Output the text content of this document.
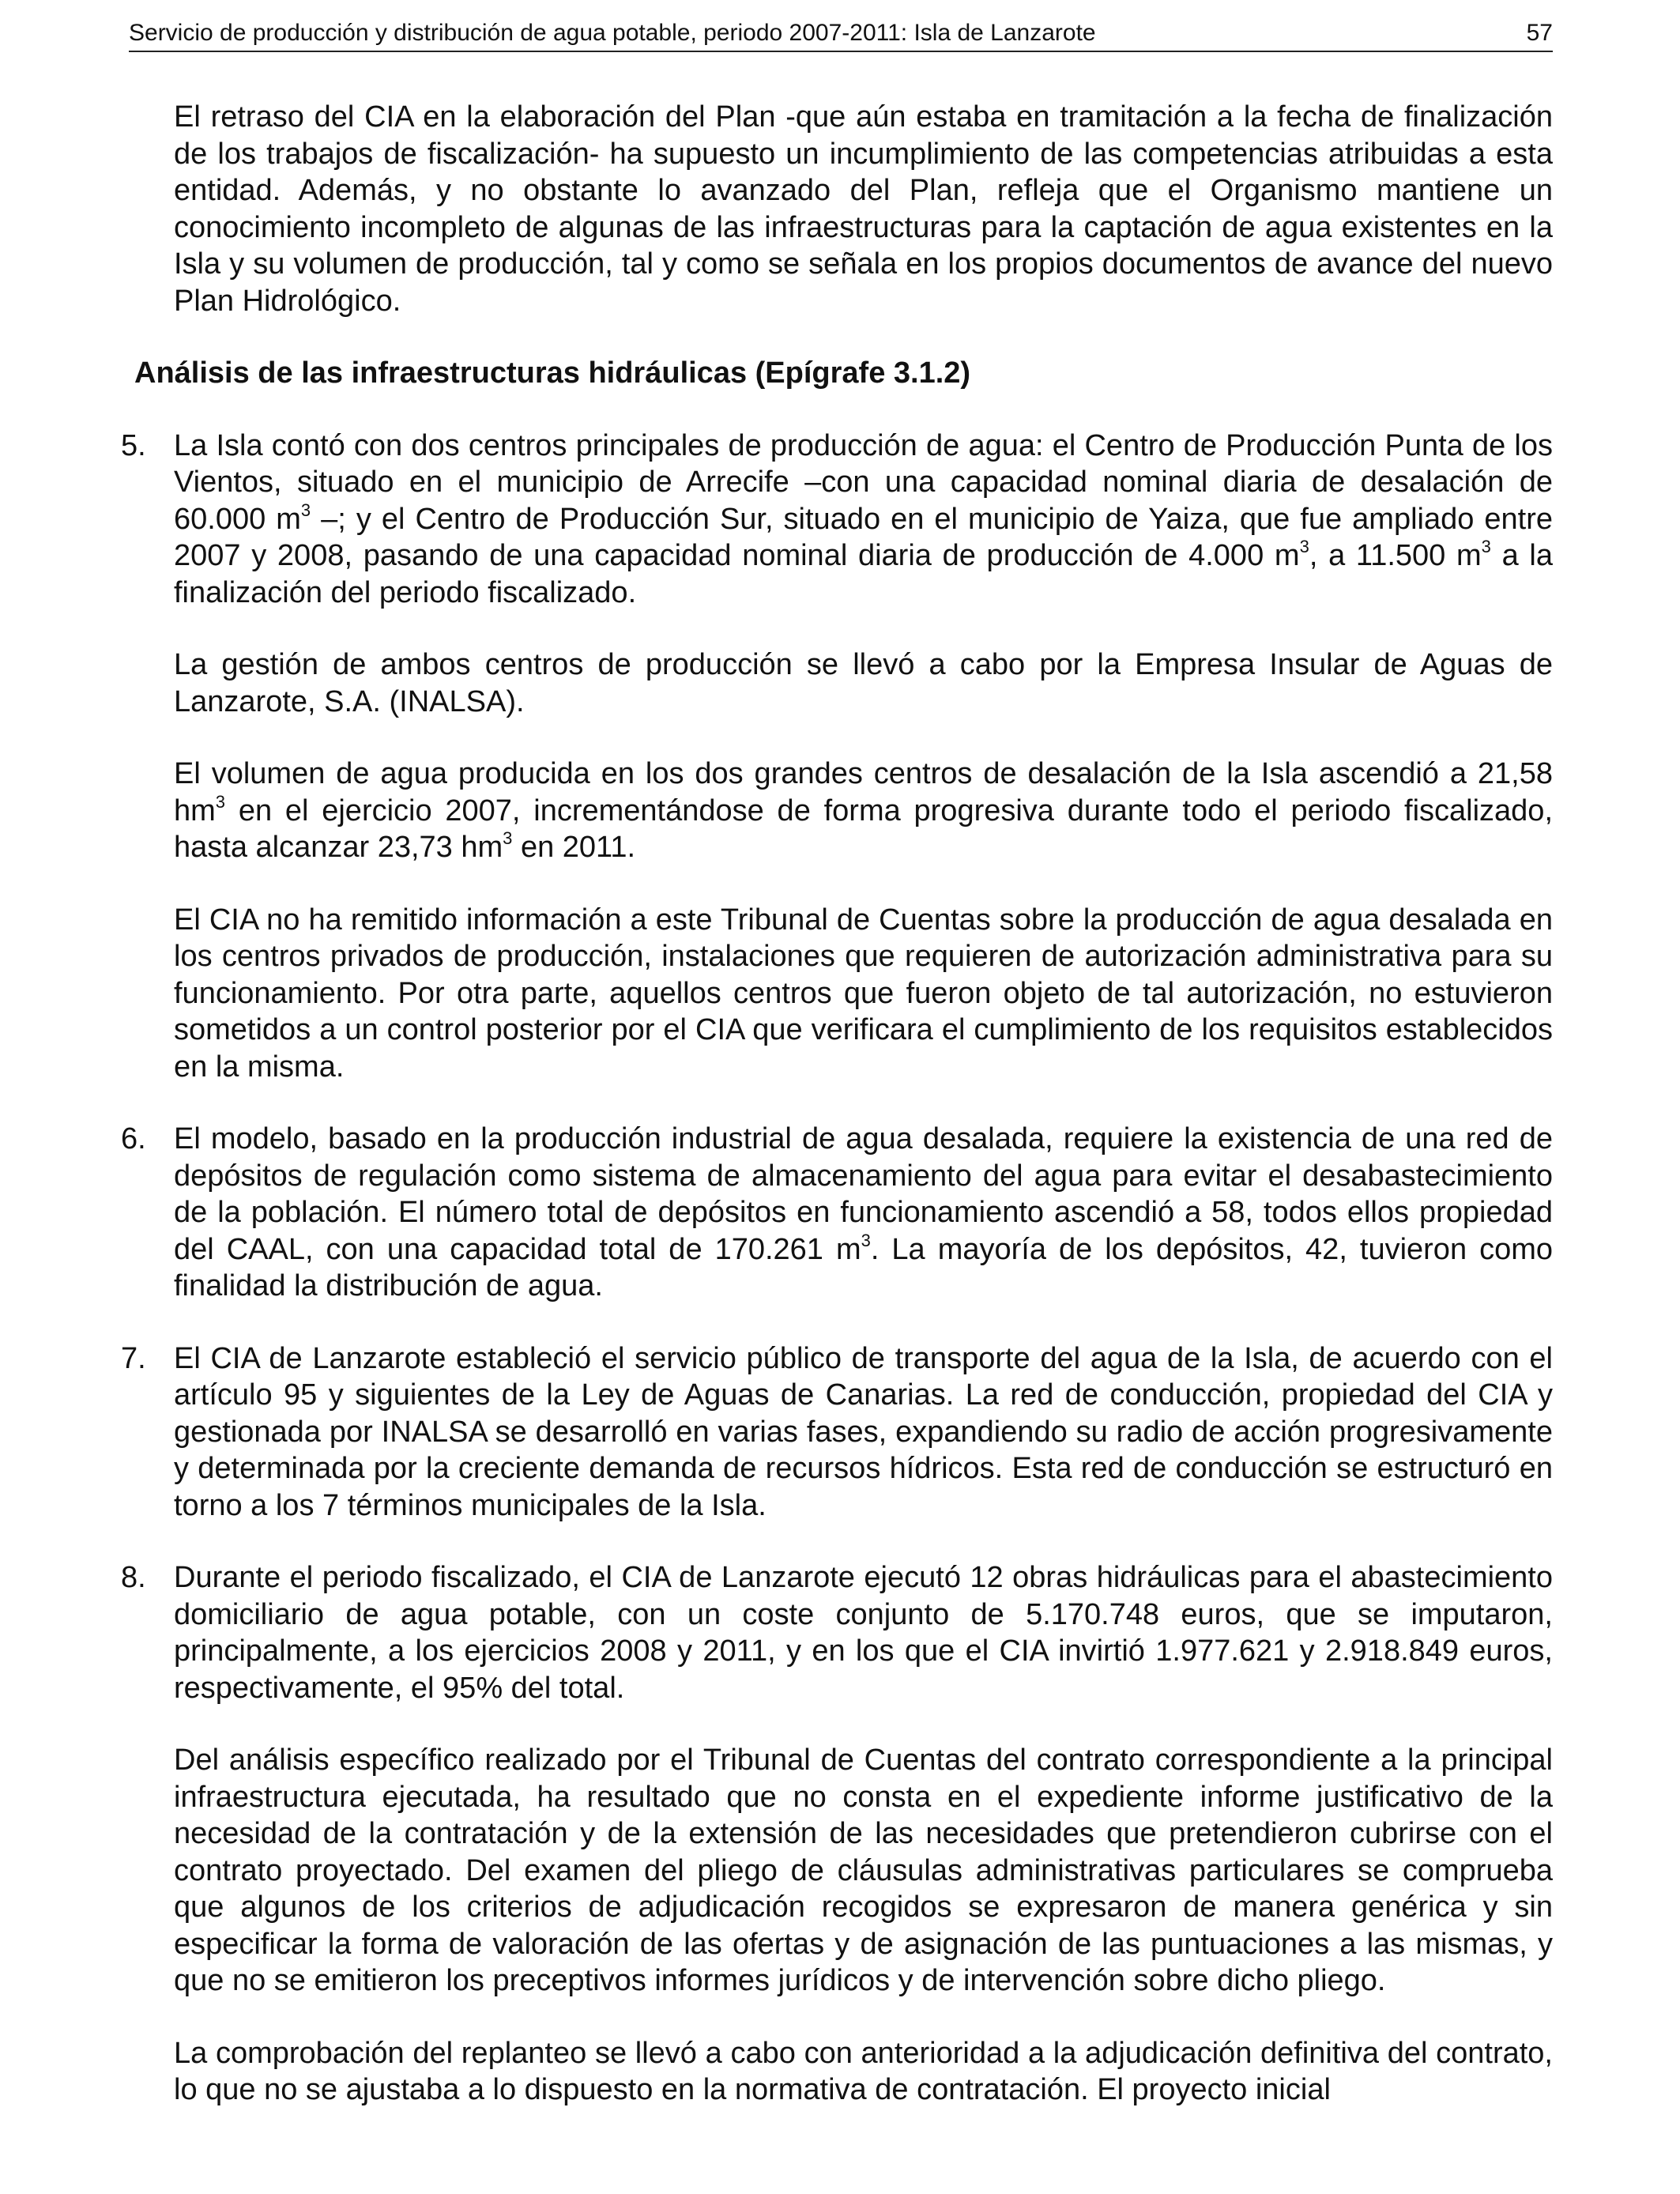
Servicio de producción y distribución de agua potable, periodo 2007-2011: Isla de Lanzarote	57

El retraso del CIA en la elaboración del Plan -que aún estaba en tramitación a la fecha de finalización de los trabajos de fiscalización- ha supuesto un incumplimiento de las competencias atribuidas a esta entidad. Además, y no obstante lo avanzado del Plan, refleja que el Organismo mantiene un conocimiento incompleto de algunas de las infraestructuras para la captación de agua existentes en la Isla y su volumen de producción, tal y como se señala en los propios documentos de avance del nuevo Plan Hidrológico.

Análisis de las infraestructuras hidráulicas (Epígrafe 3.1.2)

5. La Isla contó con dos centros principales de producción de agua: el Centro de Producción Punta de los Vientos, situado en el municipio de Arrecife –con una capacidad nominal diaria de desalación de 60.000 $m^3$ –; y el Centro de Producción Sur, situado en el municipio de Yaiza, que fue ampliado entre 2007 y 2008, pasando de una capacidad nominal diaria de producción de 4.000 $m^3$, a 11.500 $m^3$ a la finalización del periodo fiscalizado.

La gestión de ambos centros de producción se llevó a cabo por la Empresa Insular de Aguas de Lanzarote, S.A. (INALSA).

El volumen de agua producida en los dos grandes centros de desalación de la Isla ascendió a 21,58 $hm^3$ en el ejercicio 2007, incrementándose de forma progresiva durante todo el periodo fiscalizado, hasta alcanzar 23,73 $hm^3$ en 2011.

El CIA no ha remitido información a este Tribunal de Cuentas sobre la producción de agua desalada en los centros privados de producción, instalaciones que requieren de autorización administrativa para su funcionamiento. Por otra parte, aquellos centros que fueron objeto de tal autorización, no estuvieron sometidos a un control posterior por el CIA que verificara el cumplimiento de los requisitos establecidos en la misma.

6. El modelo, basado en la producción industrial de agua desalada, requiere la existencia de una red de depósitos de regulación como sistema de almacenamiento del agua para evitar el desabastecimiento de la población. El número total de depósitos en funcionamiento ascendió a 58, todos ellos propiedad del CAAL, con una capacidad total de 170.261 $m^3$. La mayoría de los depósitos, 42, tuvieron como finalidad la distribución de agua.

7. El CIA de Lanzarote estableció el servicio público de transporte del agua de la Isla, de acuerdo con el artículo 95 y siguientes de la Ley de Aguas de Canarias. La red de conducción, propiedad del CIA y gestionada por INALSA se desarrolló en varias fases, expandiendo su radio de acción progresivamente y determinada por la creciente demanda de recursos hídricos. Esta red de conducción se estructuró en torno a los 7 términos municipales de la Isla.

8. Durante el periodo fiscalizado, el CIA de Lanzarote ejecutó 12 obras hidráulicas para el abastecimiento domiciliario de agua potable, con un coste conjunto de 5.170.748 euros, que se imputaron, principalmente, a los ejercicios 2008 y 2011, y en los que el CIA invirtió 1.977.621 y 2.918.849 euros, respectivamente, el 95% del total.

Del análisis específico realizado por el Tribunal de Cuentas del contrato correspondiente a la principal infraestructura ejecutada, ha resultado que no consta en el expediente informe justificativo de la necesidad de la contratación y de la extensión de las necesidades que pretendieron cubrirse con el contrato proyectado. Del examen del pliego de cláusulas administrativas particulares se comprueba que algunos de los criterios de adjudicación recogidos se expresaron de manera genérica y sin especificar la forma de valoración de las ofertas y de asignación de las puntuaciones a las mismas, y que no se emitieron los preceptivos informes jurídicos y de intervención sobre dicho pliego.

La comprobación del replanteo se llevó a cabo con anterioridad a la adjudicación definitiva del contrato, lo que no se ajustaba a lo dispuesto en la normativa de contratación. El proyecto inicial
